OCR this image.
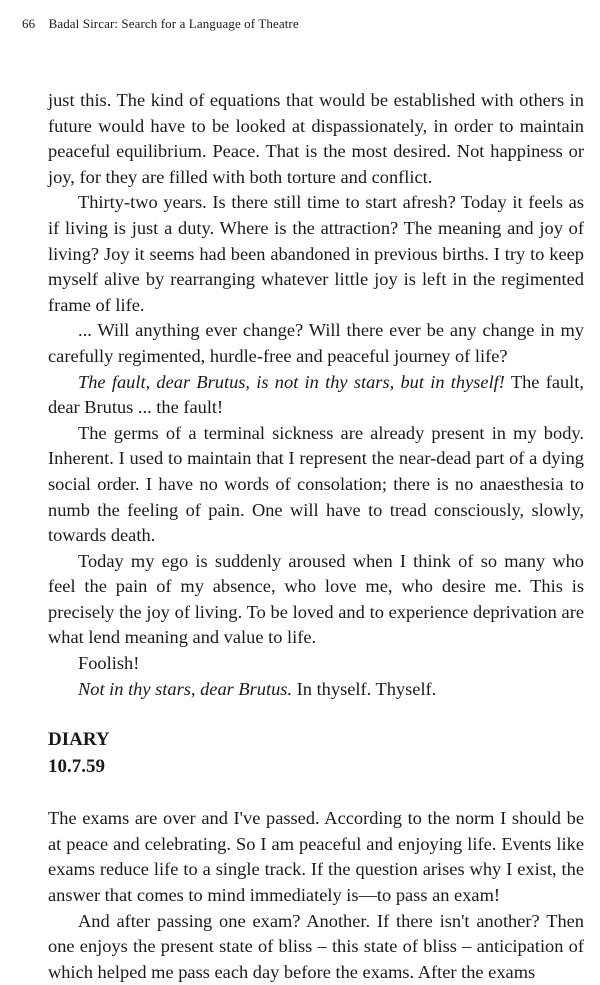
66 Badal Sircar: Search for a Language of Theatre

just this. The kind of equations that would be established with others in future would have to be looked at dispassionately, in order to maintain peaceful equilibrium. Peace. That is the most desired. Not happiness or joy, for they are filled with both torture and conflict.

Thirty-two years. Is there still time to start afresh? Today it feels as if living is just a duty. Where is the attraction? The meaning and joy of living? Joy it seems had been abandoned in previous births. I try to keep myself alive by rearranging whatever little joy is left in the regimented frame of life.

... Will anything ever change? Will there ever be any change in my carefully regimented, hurdle-free and peaceful journey of life?

The fault, dear Brutus, is not in thy stars, but in thyself! The fault, dear Brutus ... the fault!

The germs of a terminal sickness are already present in my body. Inherent. I used to maintain that I represent the near-dead part of a dying social order. I have no words of consolation; there is no anaesthesia to numb the feeling of pain. One will have to tread consciously, slowly, towards death.

Today my ego is suddenly aroused when I think of so many who feel the pain of my absence, who love me, who desire me. This is precisely the joy of living. To be loved and to experience deprivation are what lend meaning and value to life.

Foolish!

Not in thy stars, dear Brutus. In thyself. Thyself.

DIARY
10.7.59

The exams are over and I've passed. According to the norm I should be at peace and celebrating. So I am peaceful and enjoying life. Events like exams reduce life to a single track. If the question arises why I exist, the answer that comes to mind immediately is—to pass an exam!

And after passing one exam? Another. If there isn't another? Then one enjoys the present state of bliss – this state of bliss – anticipation of which helped me pass each day before the exams. After the exams
